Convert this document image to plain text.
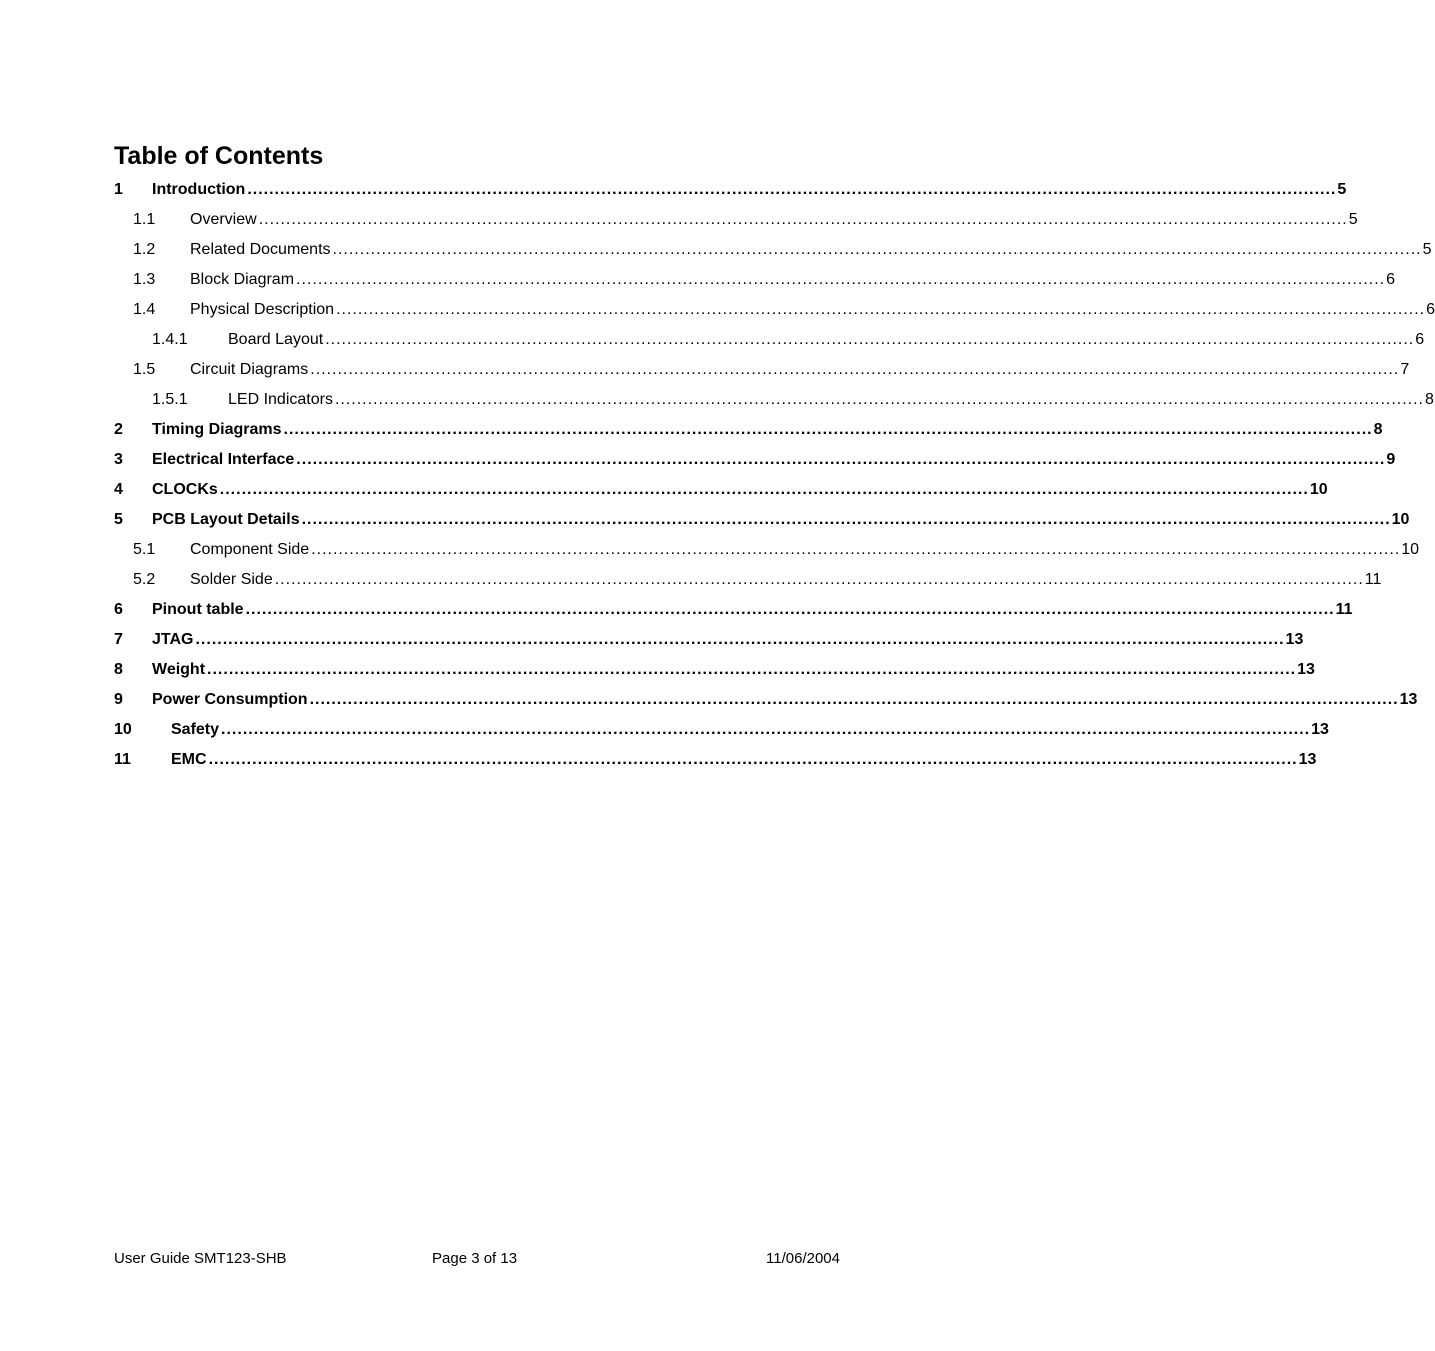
Table of Contents
1 Introduction ........................................................................................................................................................................................................ 5
1.1 Overview ........................................................................................................................................................................................................ 5
1.2 Related Documents ........................................................................................................................................................................................................ 5
1.3 Block Diagram ........................................................................................................................................................................................................ 6
1.4 Physical Description ........................................................................................................................................................................................................ 6
1.4.1	Board Layout ........................................................................................................................................................................................................ 6
1.5 Circuit Diagrams ........................................................................................................................................................................................................ 7
1.5.1	LED Indicators ........................................................................................................................................................................................................ 8
2 Timing Diagrams ........................................................................................................................................................................................................ 8
3 Electrical Interface ........................................................................................................................................................................................................ 9
4 CLOCKs ........................................................................................................................................................................................................ 10
5 PCB Layout Details ........................................................................................................................................................................................................ 10
5.1 Component Side ........................................................................................................................................................................................................ 10
5.2 Solder Side ........................................................................................................................................................................................................ 11
6 Pinout table ........................................................................................................................................................................................................ 11
7 JTAG ........................................................................................................................................................................................................ 13
8 Weight ........................................................................................................................................................................................................ 13
9 Power Consumption ........................................................................................................................................................................................................ 13
10 Safety ........................................................................................................................................................................................................ 13
11	EMC ........................................................................................................................................................................................................ 13
User Guide SMT123-SHB	Page 3 of 13	11/06/2004
